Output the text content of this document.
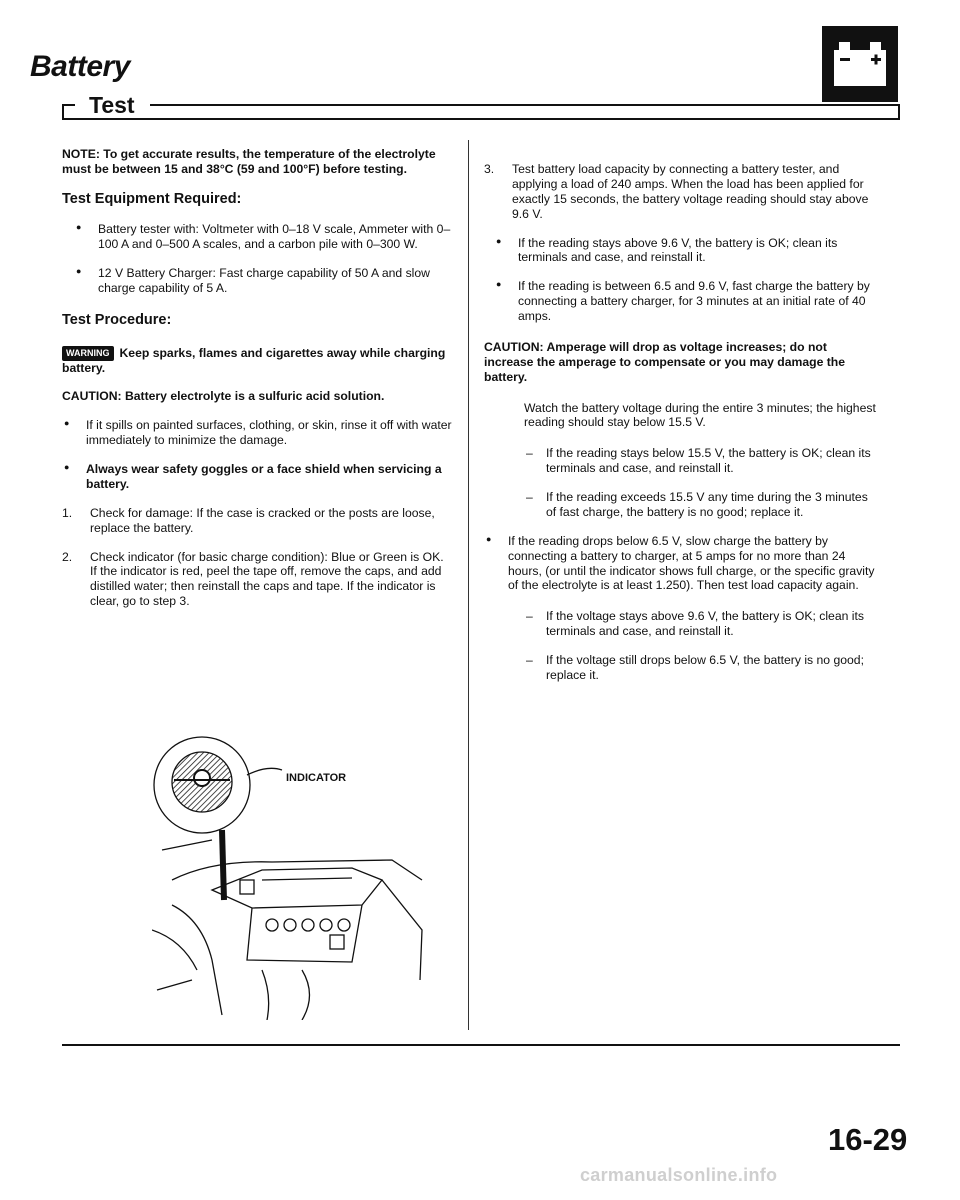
Battery
Test

NOTE: To get accurate results, the temperature of the electrolyte must be between 15 and 38°C (59 and 100°F) before testing.

Test Equipment Required:

● Battery tester with: Voltmeter with 0–18 V scale, Ammeter with 0–100 A and 0–500 A scales, and a carbon pile with 0–300 W.

● 12 V Battery Charger: Fast charge capability of 50 A and slow charge capability of 5 A.

Test Procedure:

WARNING Keep sparks, flames and cigarettes away while charging battery.

CAUTION: Battery electrolyte is a sulfuric acid solution.

● If it spills on painted surfaces, clothing, or skin, rinse it off with water immediately to minimize the damage.

● Always wear safety goggles or a face shield when servicing a battery.

1. Check for damage: If the case is cracked or the posts are loose, replace the battery.

2. Check indicator (for basic charge condition): Blue or Green is OK. If the indicator is red, peel the tape off, remove the caps, and add distilled water; then reinstall the caps and tape. If the indicator is clear, go to step 3.

INDICATOR

3. Test battery load capacity by connecting a battery tester, and applying a load of 240 amps. When the load has been applied for exactly 15 seconds, the battery voltage reading should stay above 9.6 V.

● If the reading stays above 9.6 V, the battery is OK; clean its terminals and case, and reinstall it.

● If the reading is between 6.5 and 9.6 V, fast charge the battery by connecting a battery charger, for 3 minutes at an initial rate of 40 amps.

CAUTION: Amperage will drop as voltage increases; do not increase the amperage to compensate or you may damage the battery.

Watch the battery voltage during the entire 3 minutes; the highest reading should stay below 15.5 V.

– If the reading stays below 15.5 V, the battery is OK; clean its terminals and case, and reinstall it.

– If the reading exceeds 15.5 V any time during the 3 minutes of fast charge, the battery is no good; replace it.

● If the reading drops below 6.5 V, slow charge the battery by connecting a battery to charger, at 5 amps for no more than 24 hours, (or until the indicator shows full charge, or the specific gravity of the electrolyte is at least 1.250). Then test load capacity again.

– If the voltage stays above 9.6 V, the battery is OK; clean its terminals and case, and reinstall it.

– If the voltage still drops below 6.5 V, the battery is no good; replace it.

16-29
carmanualsonline.info
